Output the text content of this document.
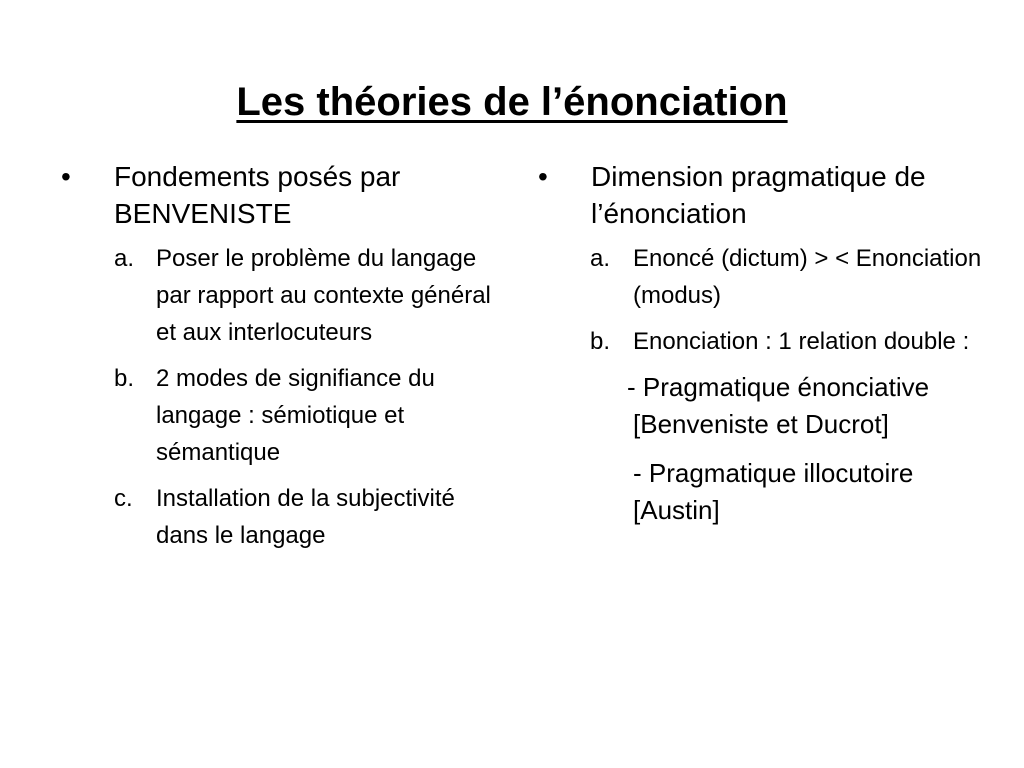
Les théories de l’énonciation

•	Fondements posés par BENVENISTE

a. Poser le problème du langage par rapport au contexte général et aux interlocuteurs

b. 2 modes de signifiance du langage : sémiotique et sémantique

c. Installation de la subjectivité dans le langage

•	Dimension pragmatique de l’énonciation

a. Enoncé (dictum) > < Enonciation (modus)

b. Enonciation : 1 relation double :

- Pragmatique énonciative [Benveniste et Ducrot]

- Pragmatique illocutoire [Austin]
